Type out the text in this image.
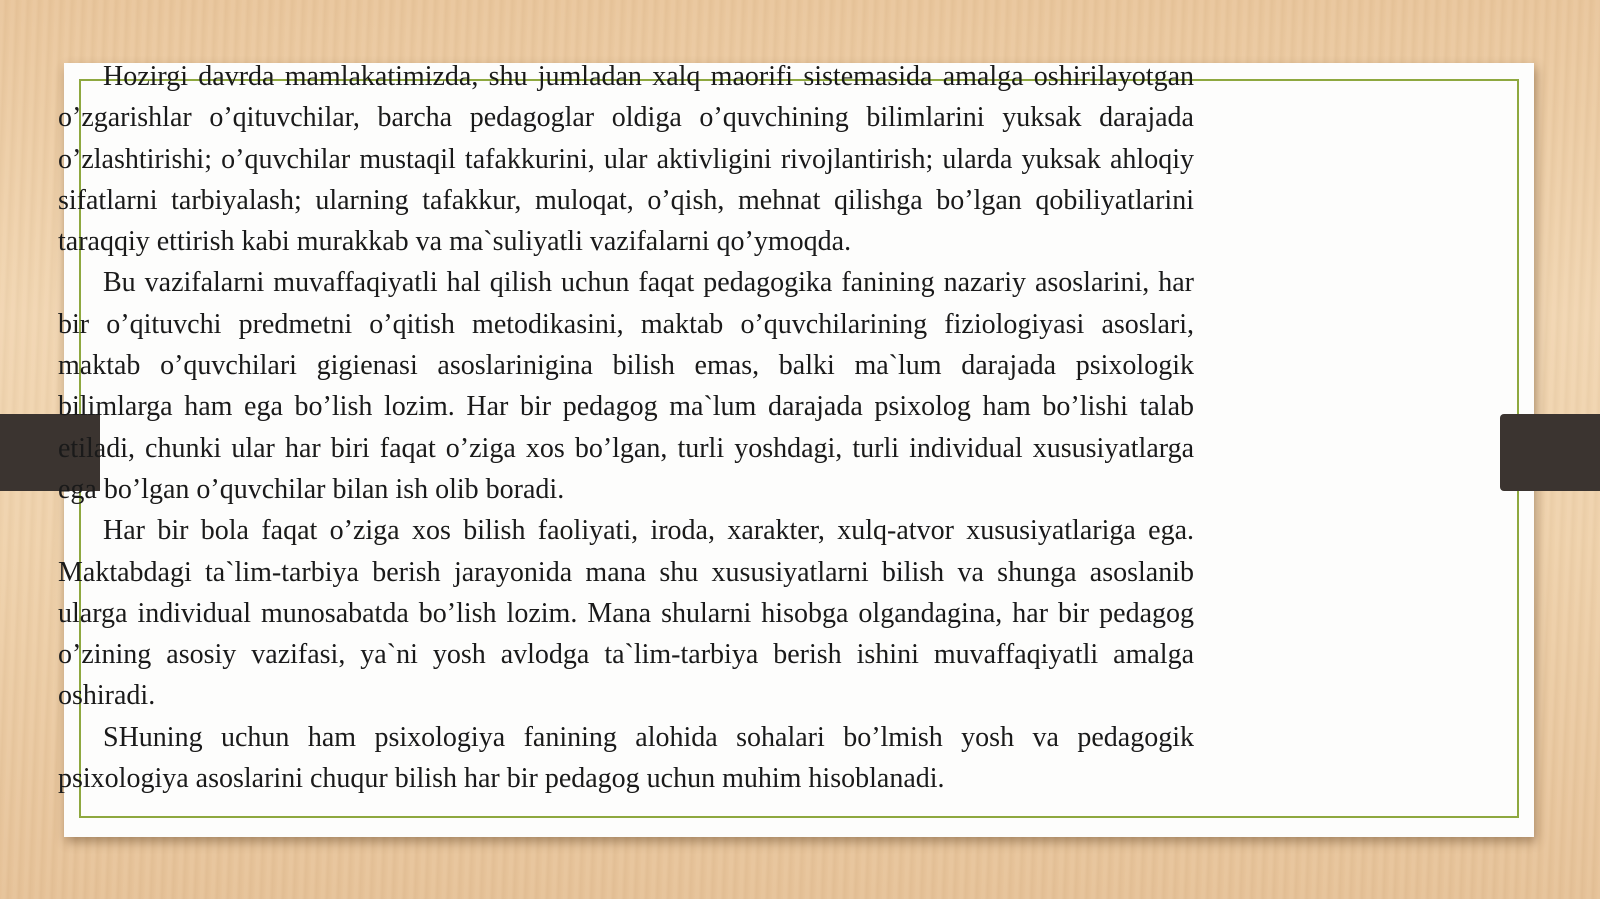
Hozirgi davrda mamlakatimizda, shu jumladan xalq maorifi sistemasida amalga oshirilayotgan o’zgarishlar o’qituvchilar, barcha pedagoglar oldiga o’quvchining bilimlarini yuksak darajada o’zlashtirishi; o’quvchilar mustaqil tafakkurini, ular aktivligini rivojlantirish; ularda yuksak ahloqiy sifatlarni tarbiyalash; ularning tafakkur, muloqat, o’qish, mehnat qilishga bo’lgan qobiliyatlarini taraqqiy ettirish kabi murakkab va ma`suliyatli vazifalarni qo’ymoqda.

Bu vazifalarni muvaffaqiyatli hal qilish uchun faqat pedagogika fanining nazariy asoslarini, har bir o’qituvchi predmetni o’qitish metodikasini, maktab o’quvchilarining fiziologiyasi asoslari, maktab o’quvchilari gigienasi asoslarinigina bilish emas, balki ma`lum darajada psixologik bilimlarga ham ega bo’lish lozim. Har bir pedagog ma`lum darajada psixolog ham bo’lishi talab etiladi, chunki ular har biri faqat o’ziga xos bo’lgan, turli yoshdagi, turli individual xususiyatlarga ega bo’lgan o’quvchilar bilan ish olib boradi.

Har bir bola faqat o’ziga xos bilish faoliyati, iroda, xarakter, xulq-atvor xususiyatlariga ega. Maktabdagi ta`lim-tarbiya berish jarayonida mana shu xususiyatlarni bilish va shunga asoslanib ularga individual munosabatda bo’lish lozim. Mana shularni hisobga olgandagina, har bir pedagog o’zining asosiy vazifasi, ya`ni yosh avlodga ta`lim-tarbiya berish ishini muvaffaqiyatli amalga oshiradi.

SHuning uchun ham psixologiya fanining alohida sohalari bo’lmish yosh va pedagogik psixologiya asoslarini chuqur bilish har bir pedagog uchun muhim hisoblanadi.
